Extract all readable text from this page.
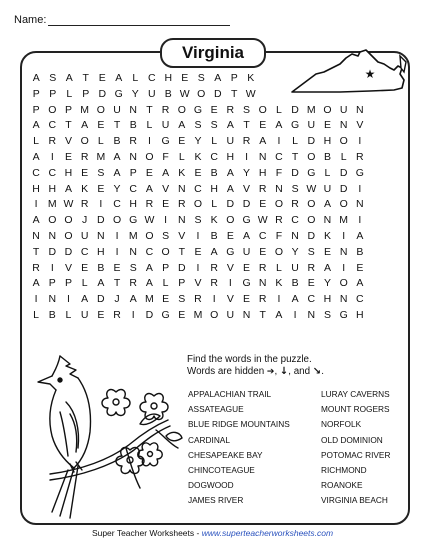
Name:
Virginia
★
A S A T E A L C H E S A P K
P P L P D G Y U B W O D T W
P O P M O U N T R O G E R S O L D M O U N
A C T A E T B L U A S S A T E A G U E N V
L R V O L B R	I	G E Y L U R A	I	L D H O	I
A	I	E R M A N O F L K C H	I	N C T O B L R
C C H E S A P E A K E B A Y H F D G L D G
H H A K E Y C A V N C H A V R N S W U D	I
I M W R	I	C H R E R O L D D E O R O A O N
A O O J D O G W I	N S K O G W R C O N M I
N N O U N	I M O S V	I	B E A C F N D K	I	A
T D D C H	I	N C O T E A G U E O Y S E N B
R	I	V E B E S A P D	I	R V E R L U R A	I	E
A P P L A T R A L P V R	I	G N K B E Y O A
I	N	I	A D J A M E S R	I	V E R	I	A C H N C
L B L U E R	I	D G E M O U N T A	I	N S G H
Find the words in the puzzle.
Words are hidden ➔, ↓, and ↘.
APPALACHIAN TRAIL
ASSATEAGUE
BLUE RIDGE MOUNTAINS
CARDINAL
CHESAPEAKE BAY
CHINCOTEAGUE
DOGWOOD
JAMES RIVER
LURAY CAVERNS
MOUNT ROGERS
NORFOLK
OLD DOMINION
POTOMAC RIVER
RICHMOND
ROANOKE
VIRGINIA BEACH
Super Teacher Worksheets - www.superteacherworksheets.com
